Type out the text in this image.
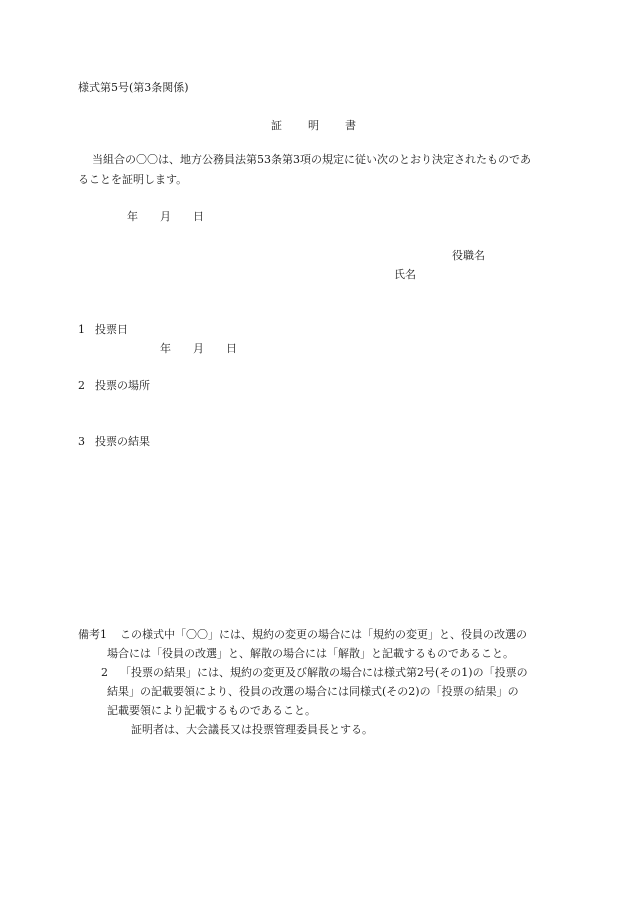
様式第5号(第3条関係)
証 明 書
当組合の〇〇は、地方公務員法第53条第3項の規定に従い次のとおり決定されたものであ
ることを証明します。
年 月 日
役職名
氏名
1 投票日
年 月 日
2 投票の場所
3 投票の結果
備考1 この様式中「〇〇」には、規約の変更の場合には「規約の変更」と、役員の改選の
場合には「役員の改選」と、解散の場合には「解散」と記載するものであること。
2 「投票の結果」には、規約の変更及び解散の場合には様式第2号(その1)の「投票の
結果」の記載要領により、役員の改選の場合には同様式(その2)の「投票の結果」の
記載要領により記載するものであること。
証明者は、大会議長又は投票管理委員長とする。
